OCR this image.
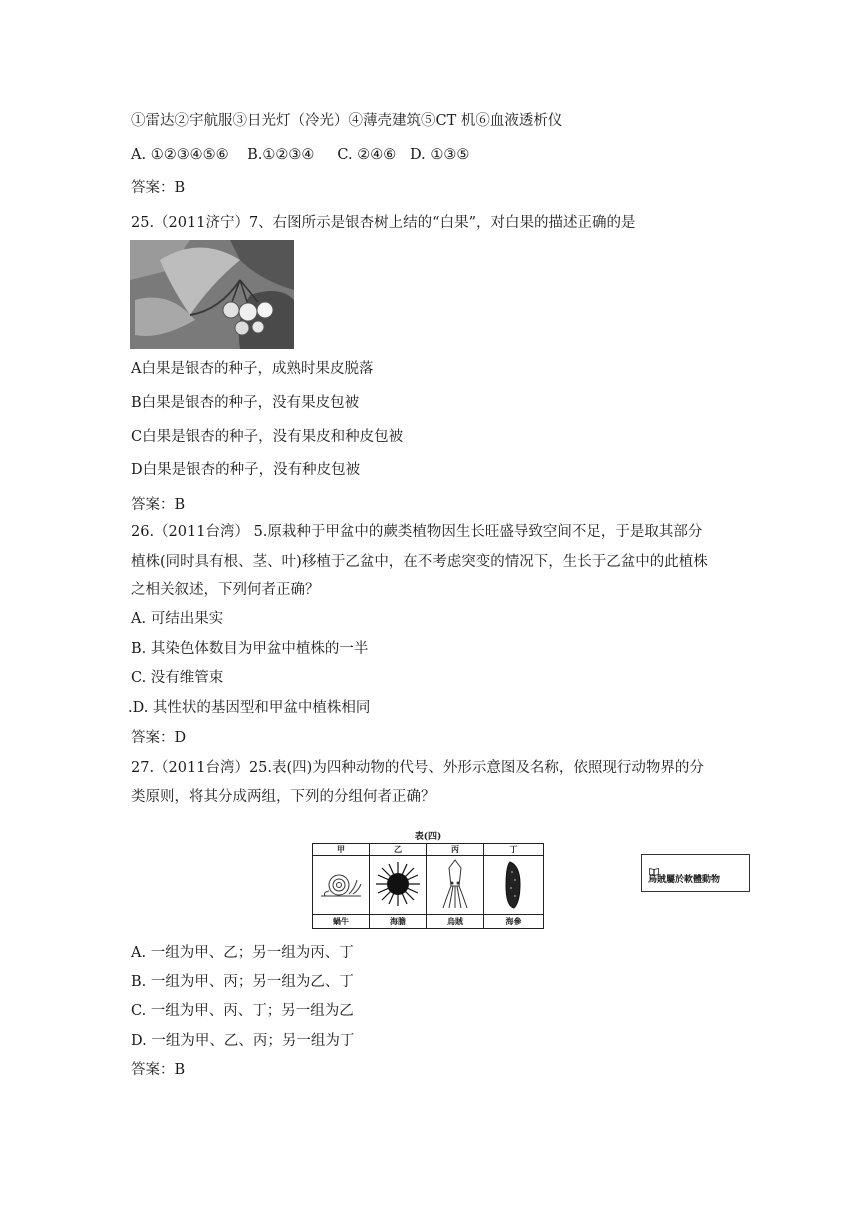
①雷达②宇航服③日光灯（冷光）④薄壳建筑⑤CT 机⑥血液透析仪
A. ①②③④⑤⑥    B.①②③④     C. ②④⑥   D. ①③⑤
答案：B
25.（2011济宁）7、右图所示是银杏树上结的“白果”，对白果的描述正确的是
A白果是银杏的种子，成熟时果皮脱落
B白果是银杏的种子，没有果皮包被
C白果是银杏的种子，没有果皮和种皮包被
D白果是银杏的种子，没有种皮包被
答案：B
26.（2011台湾） 5.原栽种于甲盆中的蕨类植物因生长旺盛导致空间不足，于是取其部分
植株(同时具有根、茎、叶)移植于乙盆中，在不考虑突变的情况下，生长于乙盆中的此植株
之相关叙述，下列何者正确？
A. 可结出果实
B. 其染色体数目为甲盆中植株的一半
C. 没有维管束
.D. 其性状的基因型和甲盆中植株相同
答案：D
27.（2011台湾）25.表(四)为四种动物的代号、外形示意图及名称，依照现行动物界的分
类原则，将其分成两组，下列的分组何者正确？
表(四)
甲
蝸牛
乙
海膽
丙
烏賊
丁
海參
烏賊屬於軟體動物
A. 一组为甲、乙；另一组为丙、丁
B. 一组为甲、丙；另一组为乙、丁
C. 一组为甲、丙、丁；另一组为乙
D. 一组为甲、乙、丙；另一组为丁
答案：B
